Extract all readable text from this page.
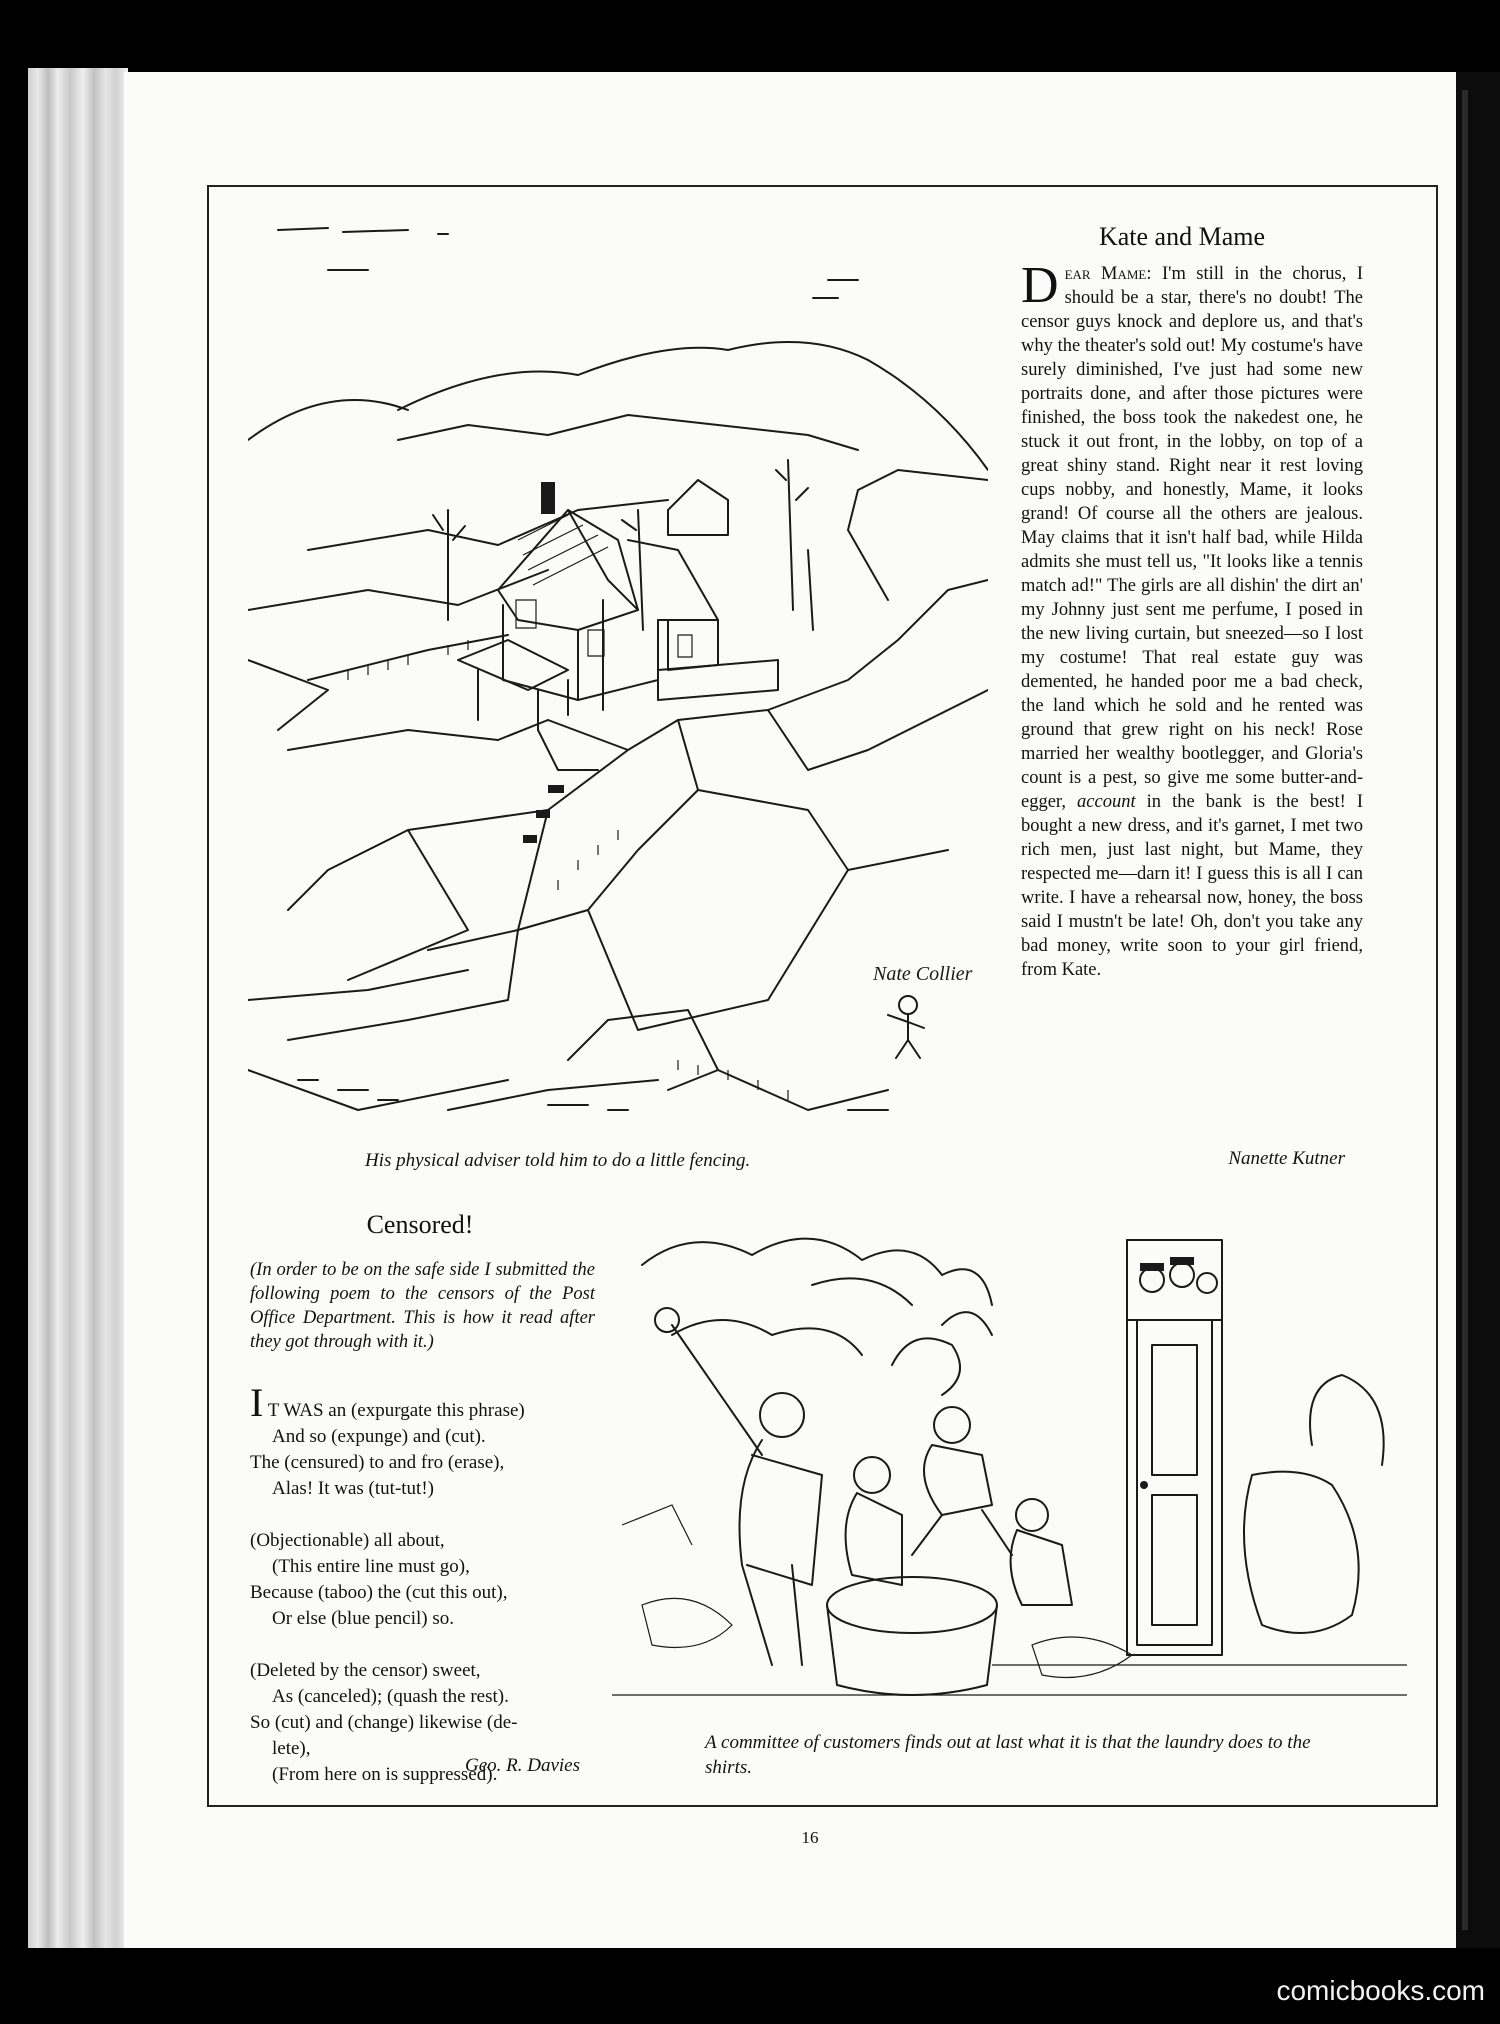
Nate Collier
His physical adviser told him to do a little fencing.
Kate and Mame
Dear Mame: I'm still in the chorus, I should be a star, there's no doubt! The censor guys knock and deplore us, and that's why the theater's sold out! My costume's have surely diminished, I've just had some new portraits done, and after those pictures were finished, the boss took the nakedest one, he stuck it out front, in the lobby, on top of a great shiny stand. Right near it rest loving cups nobby, and honestly, Mame, it looks grand! Of course all the others are jealous. May claims that it isn't half bad, while Hilda admits she must tell us, "It looks like a tennis match ad!" The girls are all dishin' the dirt an' my Johnny just sent me perfume, I posed in the new living curtain, but sneezed—so I lost my costume! That real estate guy was demented, he handed poor me a bad check, the land which he sold and he rented was ground that grew right on his neck! Rose married her wealthy bootlegger, and Gloria's count is a pest, so give me some butter-and-egger, account in the bank is the best! I bought a new dress, and it's garnet, I met two rich men, just last night, but Mame, they respected me—darn it! I guess this is all I can write. I have a rehearsal now, honey, the boss said I mustn't be late! Oh, don't you take any bad money, write soon to your girl friend, from Kate.
Nanette Kutner
Censored!
(In order to be on the safe side I submitted the following poem to the censors of the Post Office Department. This is how it read after they got through with it.)
I T WAS an (expurgate this phrase)
And so (expunge) and (cut).
The (censured) to and fro (erase),
Alas! It was (tut-tut!)
(Objectionable) all about,
(This entire line must go),
Because (taboo) the (cut this out),
Or else (blue pencil) so.
(Deleted by the censor) sweet,
As (canceled); (quash the rest).
So (cut) and (change) likewise (de-
lete),
(From here on is suppressed).
Geo. R. Davies
A committee of customers finds out at last what it is that the laundry does to the shirts.
16
comicbooks.com
